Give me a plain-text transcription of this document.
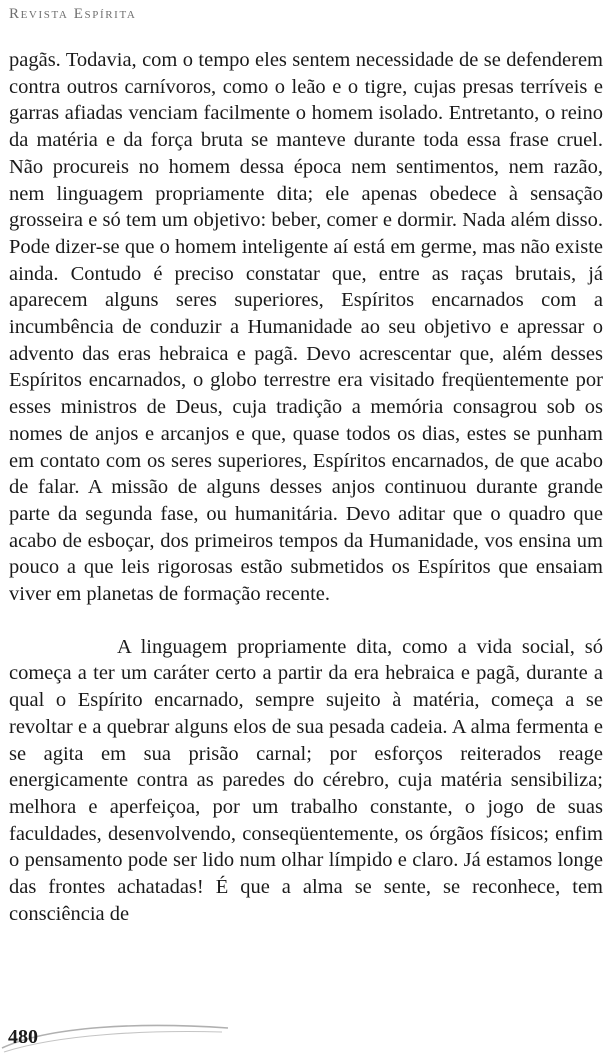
Revista Espírita

pagãs. Todavia, com o tempo eles sentem necessidade de se defenderem contra outros carnívoros, como o leão e o tigre, cujas presas terríveis e garras afiadas venciam facilmente o homem isolado. Entretanto, o reino da matéria e da força bruta se manteve durante toda essa frase cruel. Não procureis no homem dessa época nem sentimentos, nem razão, nem linguagem propriamente dita; ele apenas obedece à sensação grosseira e só tem um objetivo: beber, comer e dormir. Nada além disso. Pode dizer-se que o homem inteligente aí está em germe, mas não existe ainda. Contudo é preciso constatar que, entre as raças brutais, já aparecem alguns seres superiores, Espíritos encarnados com a incumbência de conduzir a Humanidade ao seu objetivo e apressar o advento das eras hebraica e pagã. Devo acrescentar que, além desses Espíritos encarnados, o globo terrestre era visitado freqüentemente por esses ministros de Deus, cuja tradição a memória consagrou sob os nomes de anjos e arcanjos e que, quase todos os dias, estes se punham em contato com os seres superiores, Espíritos encarnados, de que acabo de falar. A missão de alguns desses anjos continuou durante grande parte da segunda fase, ou humanitária. Devo aditar que o quadro que acabo de esboçar, dos primeiros tempos da Humanidade, vos ensina um pouco a que leis rigorosas estão submetidos os Espíritos que ensaiam viver em planetas de formação recente.

A linguagem propriamente dita, como a vida social, só começa a ter um caráter certo a partir da era hebraica e pagã, durante a qual o Espírito encarnado, sempre sujeito à matéria, começa a se revoltar e a quebrar alguns elos de sua pesada cadeia. A alma fermenta e se agita em sua prisão carnal; por esforços reiterados reage energicamente contra as paredes do cérebro, cuja matéria sensibiliza; melhora e aperfeiçoa, por um trabalho constante, o jogo de suas faculdades, desenvolvendo, conseqüentemente, os órgãos físicos; enfim o pensamento pode ser lido num olhar límpido e claro. Já estamos longe das frontes achatadas! É que a alma se sente, se reconhece, tem consciência de

480
